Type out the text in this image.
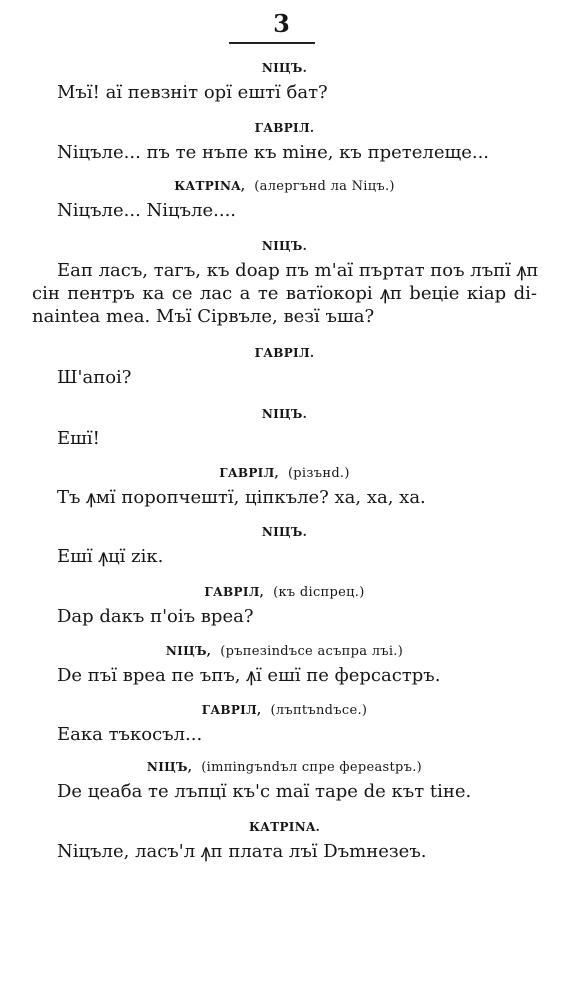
3
NIЦЪ.
Мъї! аї певзніт орї ештї бат?
ГАВРIЛ.
Nіцъле... пъ те нъпе къ mіне, къ претелеще...
КАТРINA, (алергънd ла Nіцъ.)
Nіцъле... Nіцъле....
NIЦЪ.
Еап ласъ, тагъ, къ doap пъ m'аї пъртат поъ лъпї ꙟп
cін пентръ ка се лас а те ватїокорі ꙟп beціе кіар di-
naintea mea. Мъї Сірвъле, вeзї ъша?
ГАВРIЛ.
Ш'апоі?
NIЦЪ.
Ешї!
ГАВРIЛ, (pізънd.)
Тъ ꙟмї поропчештї, ціпкъле? ха, ха, ха.
NIЦЪ.
Ешї ꙟцї zік.
ГАВРIЛ, (къ dіспрец.)
Dар dакъ п'оіъ вреа?
NIЦЪ, (ръпезіndъсе асъпра лъі.)
De пъї вреа пе ъпъ, ꙟї ешї пе ферсастръ.
ГАВРIЛ, (лъпtъndъсе.)
Еака тъкосъл...
NIЦЪ, (іmпіngъndъл спре ферeastръ.)
De цеаба те лъпцї къ'с maї таре de кът tіне.
КАТРINA.
Nіцъле, ласъ'л ꙟп плата лъї Dъmнезеъ.
